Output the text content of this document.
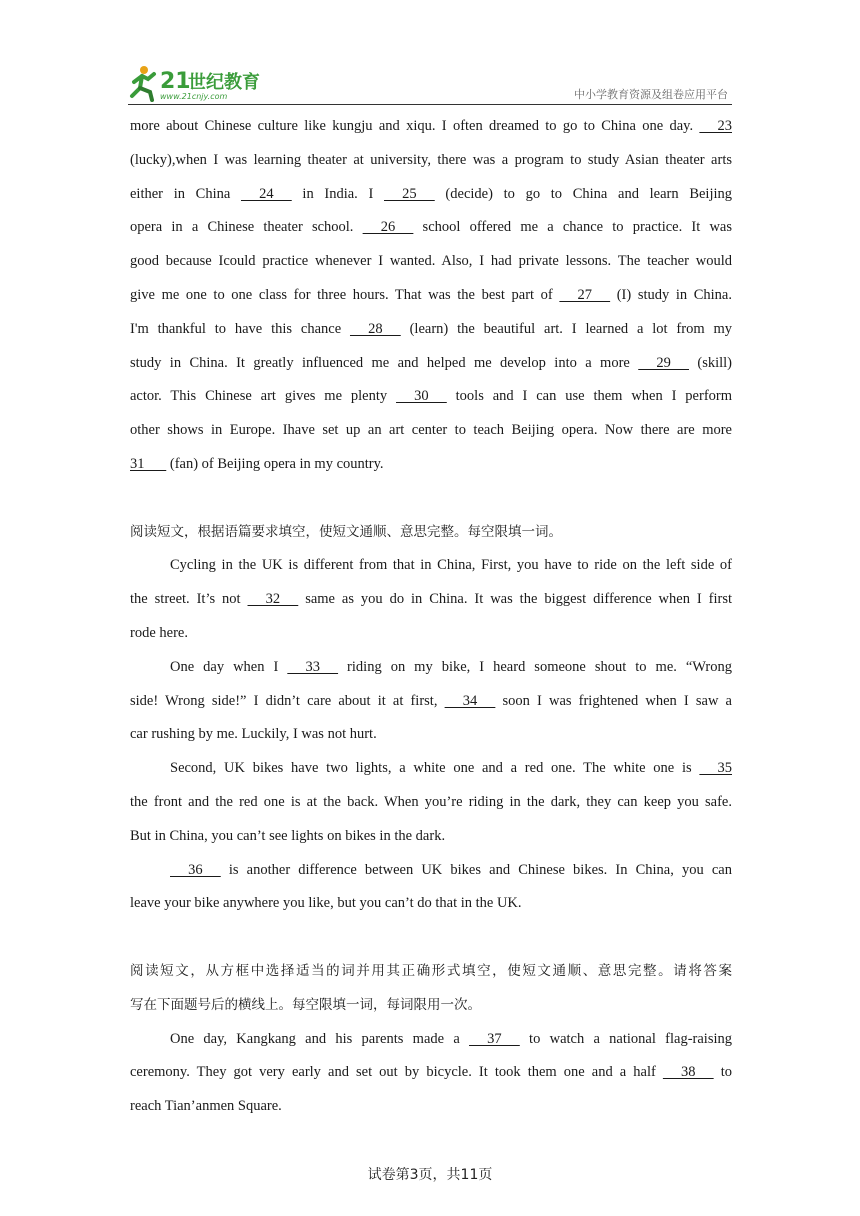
21
世纪教育
www.21cnjy.com	中小学教育资源及组卷应用平台
more about Chinese culture like kungju and xiqu. I often dreamed to go to China one day.      23
(lucky),when I was learning theater at university, there was a program to study Asian theater arts
either in China      24      in India. I      25      (decide) to go to China and learn Beijing
opera in a Chinese theater school.      26      school offered me a chance to practice. It was
good because Icould practice whenever I wanted. Also, I had private lessons. The teacher would
give me one to one class for three hours. That was the best part of      27      (I) study in China.
I'm thankful to have this chance      28      (learn) the beautiful art. I learned a lot from my
study in China. It greatly influenced me and helped me develop into a more      29      (skill)
actor. This Chinese art gives me plenty      30      tools and I can use them when I perform
other shows in Europe. Ihave set up an art center to teach Beijing opera. Now there are more
31       (fan) of Beijing opera in my country.
阅读短文，根据语篇要求填空，使短文通顺、意思完整。每空限填一词。
Cycling in the UK is different from that in China, First, you have to ride on the left side of
the street. It’s not      32      same as you do in China. It was the biggest difference when I first
rode here.
One day when I      33      riding on my bike, I heard someone shout to me. “Wrong
side! Wrong side!” I didn’t care about it at first,      34      soon I was frightened when I saw a
car rushing by me. Luckily, I was not hurt.
Second, UK bikes have two lights, a white one and a red one. The white one is      35
the front and the red one is at the back. When you’re riding in the dark, they can keep you safe.
But in China, you can’t see lights on bikes in the dark.
36      is another difference between UK bikes and Chinese bikes. In China, you can
leave your bike anywhere you like, but you can’t do that in the UK.
阅读短文，从方框中选择适当的词并用其正确形式填空，使短文通顺、意思完整。请将答案
写在下面题号后的横线上。每空限填一词，每词限用一次。
One day, Kangkang and his parents made a      37      to watch a national flag-raising
ceremony. They got very early and set out by bicycle. It took them one and a half      38      to
reach Tian’anmen Square.
试卷第3页，共11页
